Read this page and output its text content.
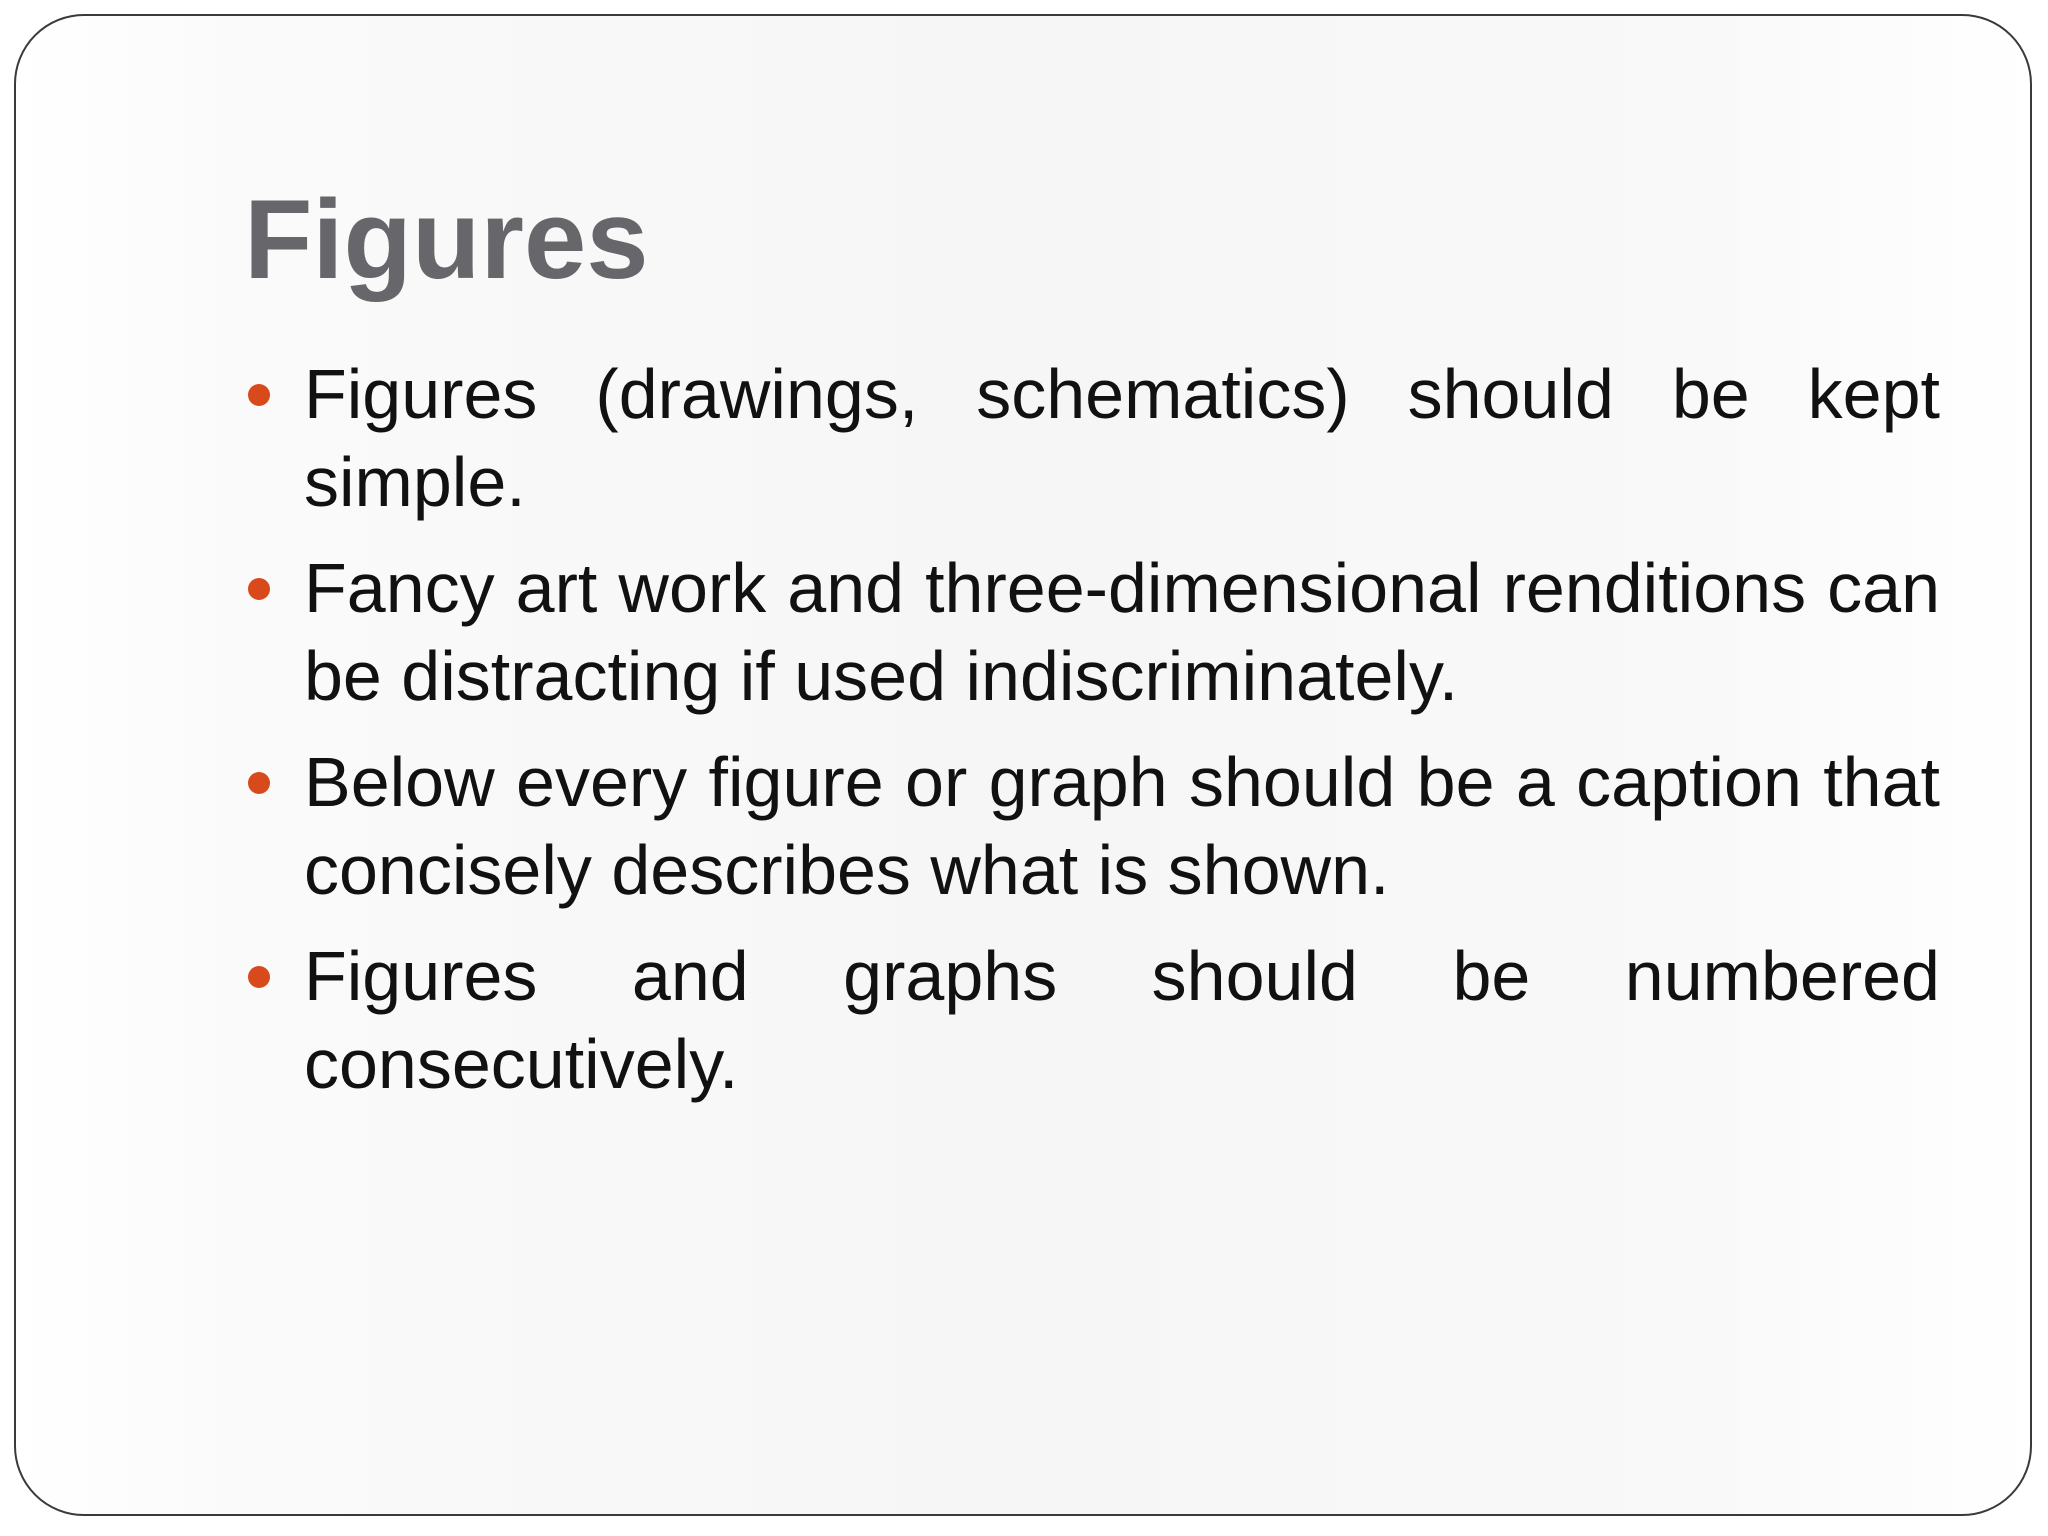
Figures
Figures (drawings, schematics) should be kept simple.
Fancy art work and three-dimensional renditions can be distracting if used indiscriminately.
Below every figure or graph should be a caption that concisely describes what is shown.
Figures and graphs should be numbered consecutively.
